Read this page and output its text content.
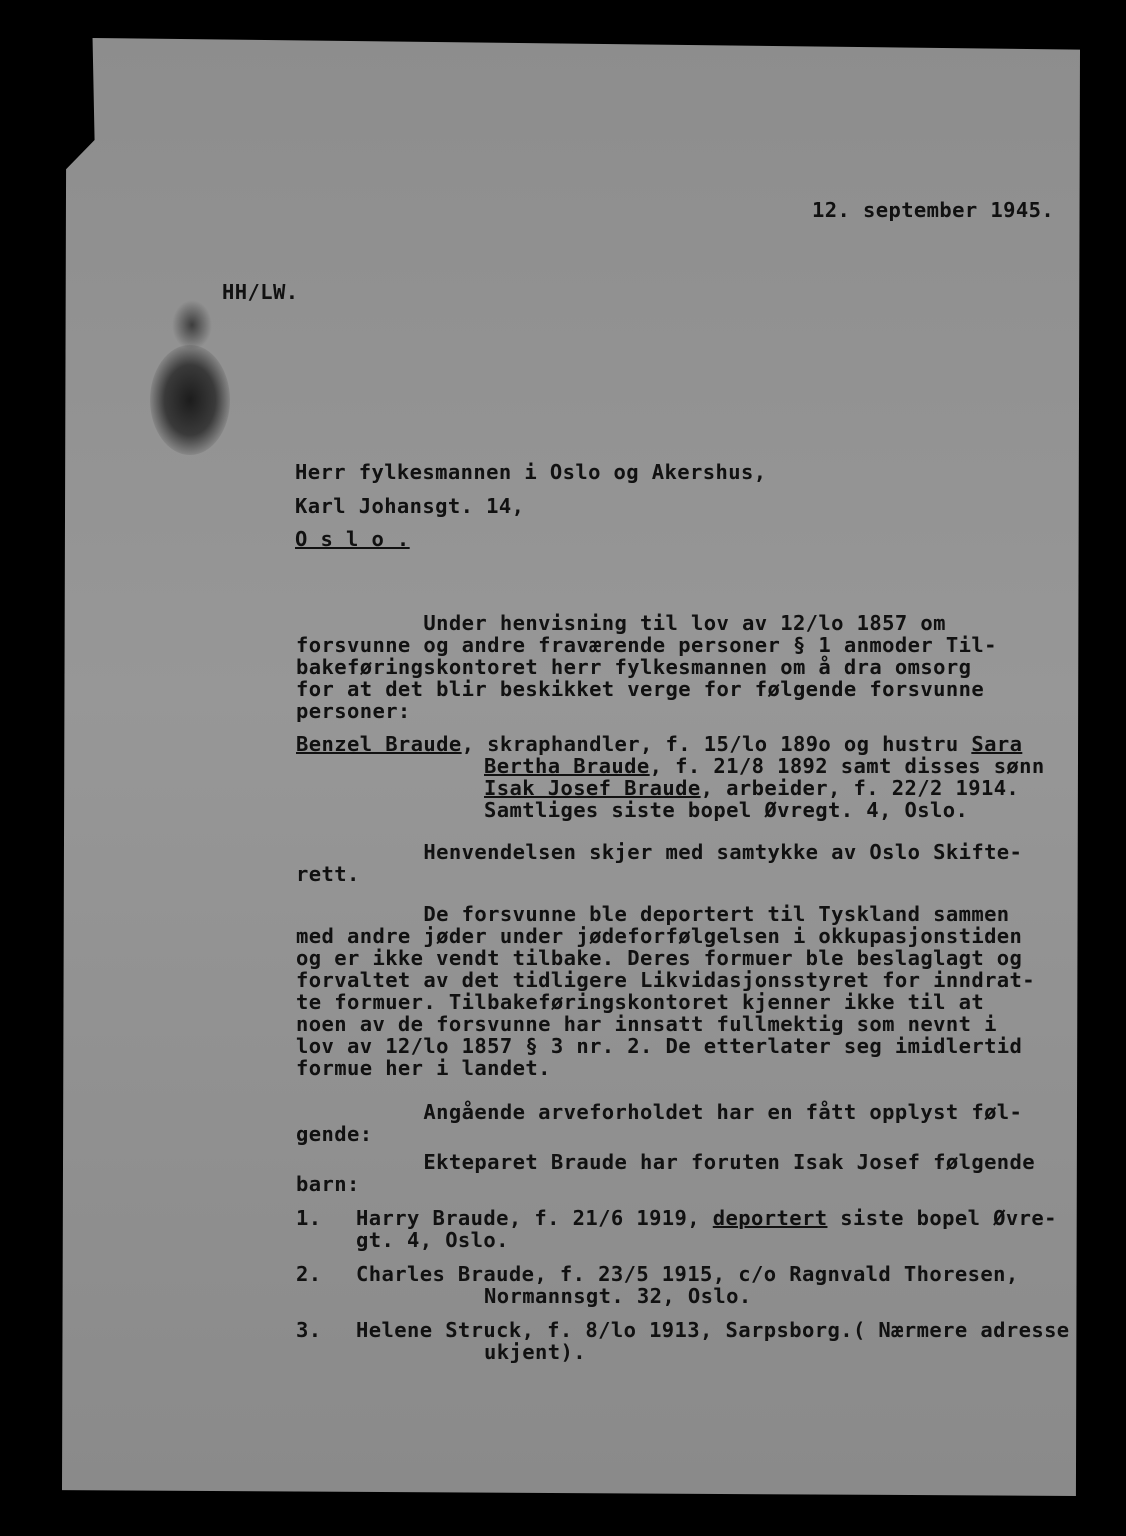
12. september 1945.

HH/LW.

Herr fylkesmannen i Oslo og Akershus,

Karl Johansgt. 14,

O s l o .

Under henvisning til lov av 12/lo 1857 om

forsvunne og andre fraværende personer § 1 anmoder Til-

bakeføringskontoret herr fylkesmannen om å dra omsorg

for at det blir beskikket verge for følgende forsvunne

personer:

Benzel Braude, skraphandler, f. 15/lo 189o og hustru Sara

Bertha Braude, f. 21/8 1892 samt disses sønn

Isak Josef Braude, arbeider, f. 22/2 1914.

Samtliges siste bopel Øvregt. 4, Oslo.

Henvendelsen skjer med samtykke av Oslo Skifte-

rett.

De forsvunne ble deportert til Tyskland sammen

med andre jøder under jødeforfølgelsen i okkupasjonstiden

og er ikke vendt tilbake. Deres formuer ble beslaglagt og

forvaltet av det tidligere Likvidasjonsstyret for inndrat-

te formuer. Tilbakeføringskontoret kjenner ikke til at

noen av de forsvunne har innsatt fullmektig som nevnt i

lov av 12/lo 1857 § 3 nr. 2. De etterlater seg imidlertid

formue her i landet.

Angående arveforholdet har en fått opplyst føl-

gende:

Ekteparet Braude har foruten Isak Josef følgende

barn:

1. Harry Braude, f. 21/6 1919, deportert siste bopel Øvre-

gt. 4, Oslo.

2. Charles Braude, f. 23/5 1915, c/o Ragnvald Thoresen,

Normannsgt. 32, Oslo.

3. Helene Struck, f. 8/lo 1913, Sarpsborg.( Nærmere adresse

ukjent).
